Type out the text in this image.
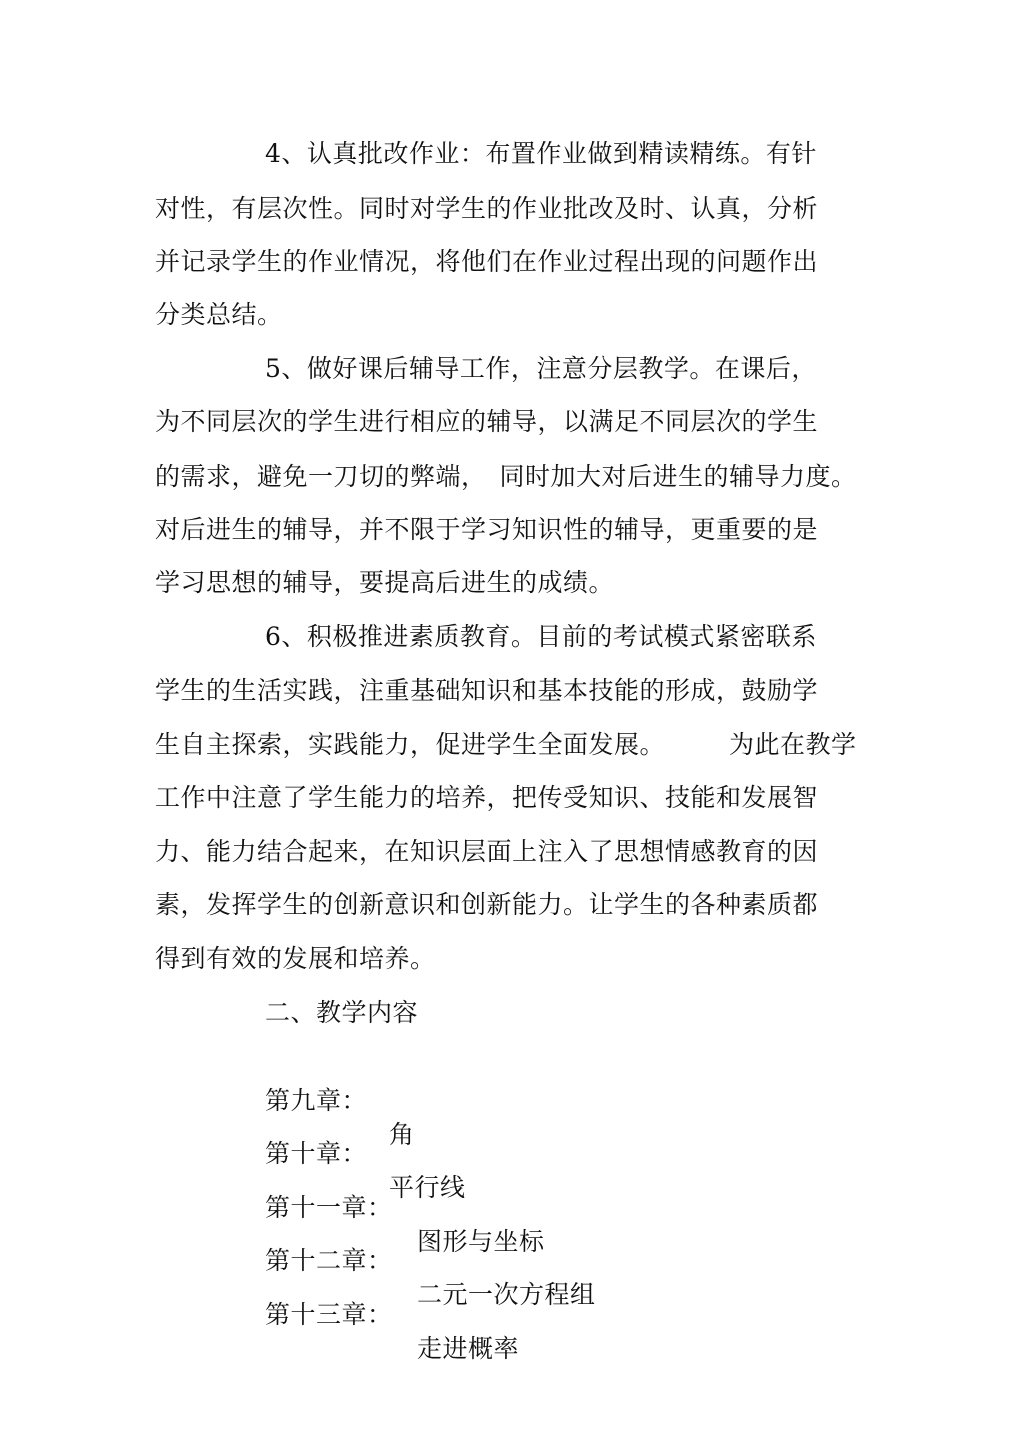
4、认真批改作业：布置作业做到精读精练。有针
对性，有层次性。同时对学生的作业批改及时、认真，分析
并记录学生的作业情况，将他们在作业过程出现的问题作出
分类总结。
5、做好课后辅导工作，注意分层教学。在课后，
为不同层次的学生进行相应的辅导，以满足不同层次的学生
的需求，避免一刀切的弊端，　同时加大对后进生的辅导力度。
对后进生的辅导，并不限于学习知识性的辅导，更重要的是
学习思想的辅导，要提高后进生的成绩。
6、积极推进素质教育。目前的考试模式紧密联系
学生的生活实践，注重基础知识和基本技能的形成，鼓励学
生自主探索，实践能力，促进学生全面发展。　　　为此在教学
工作中注意了学生能力的培养，把传受知识、技能和发展智
力、能力结合起来，在知识层面上注入了思想情感教育的因
素，发挥学生的创新意识和创新能力。让学生的各种素质都
得到有效的发展和培养。
二、教学内容

第九章：

角

第十章：

平行线

第十一章：

图形与坐标

第十二章：

二元一次方程组

第十三章：

走进概率
